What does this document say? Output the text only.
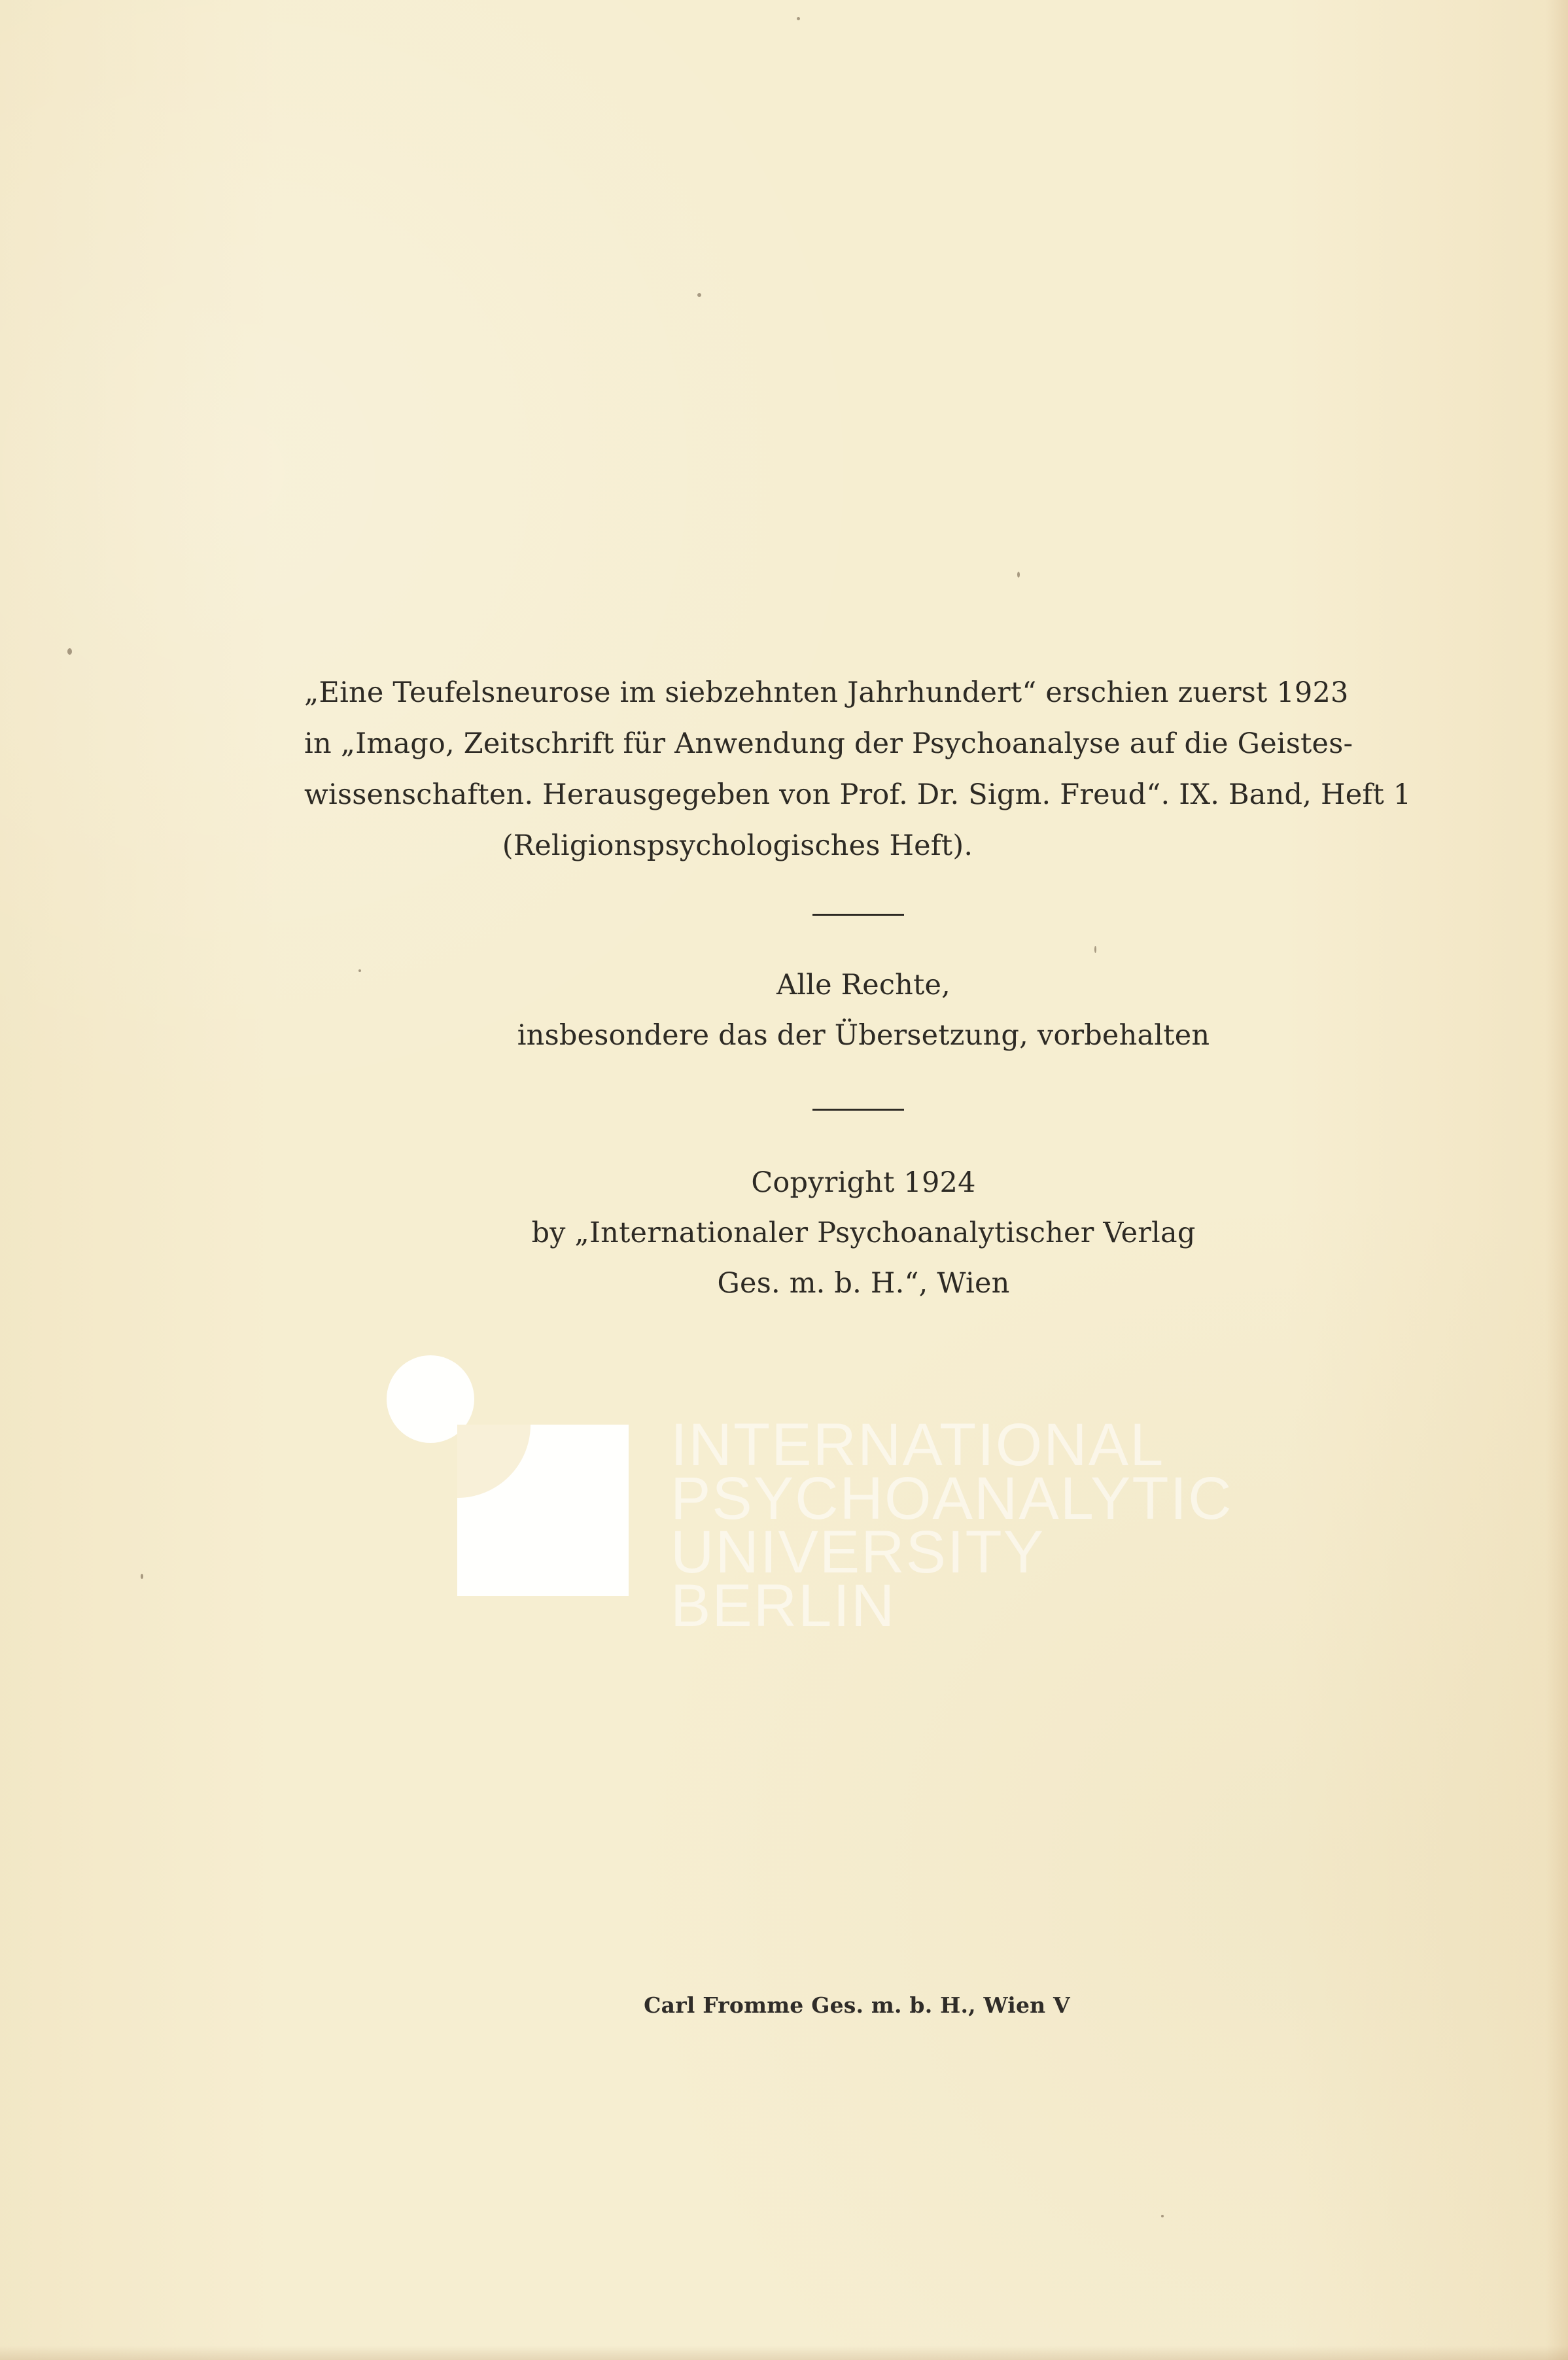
„Eine Teufelsneurose im siebzehnten Jahrhundert“ erschien zuerst 1923
in „Imago, Zeitschrift für Anwendung der Psychoanalyse auf die Geistes-
wissenschaften. Herausgegeben von Prof. Dr. Sigm. Freud“. IX. Band, Heft 1
(Religionspsychologisches Heft).
Alle Rechte,
insbesondere das der Übersetzung, vorbehalten
Copyright 1924
by „Internationaler Psychoanalytischer Verlag
Ges. m. b. H.“, Wien
INTERNATIONAL
PSYCHOANALYTIC
UNIVERSITY BERLIN
Carl Fromme Ges. m. b. H., Wien V
